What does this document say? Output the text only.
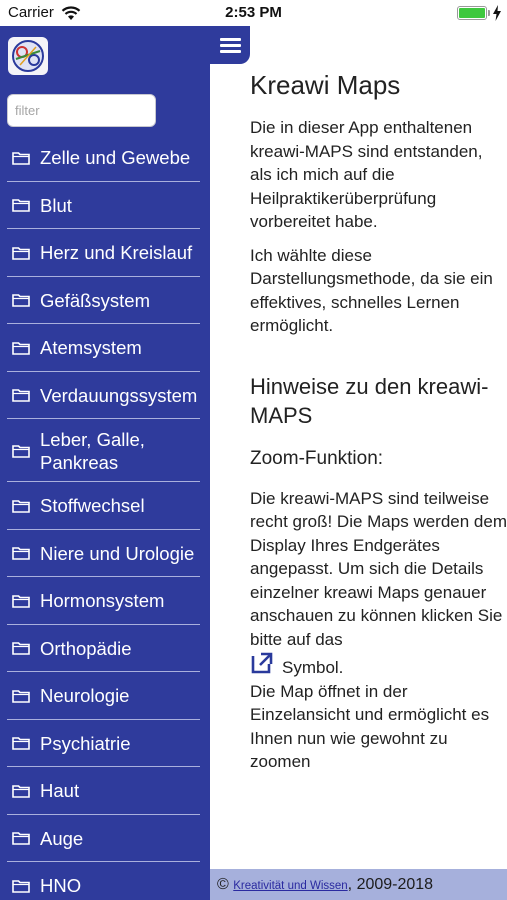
Carrier	2:53 PM
filter
Zelle und Gewebe
Blut
Herz und Kreislauf
Gefäßsystem
Atemsystem
Verdauungssystem
Leber, Galle, Pankreas
Stoffwechsel
Niere und Urologie
Hormonsystem
Orthopädie
Neurologie
Psychiatrie
Haut
Auge
HNO
Kreawi Maps

Die in dieser App enthaltenen kreawi-MAPS sind entstanden, als ich mich auf die Heilpraktikerüberprüfung vorbereitet habe.

Ich wählte diese Darstellungsmethode, da sie ein effektives, schnelles Lernen ermöglicht.

Hinweise zu den kreawi-MAPS
Zoom-Funktion:
Die kreawi-MAPS sind teilweise recht groß! Die Maps werden dem Display Ihres Endgerätes angepasst. Um sich die Details einzelner kreawi Maps genauer anschauen zu können klicken Sie bitte auf das
Symbol.
Die Map öffnet in der Einzelansicht und ermöglicht es Ihnen nun wie gewohnt zu zoomen
© Kreativität und Wissen, 2009-2018
